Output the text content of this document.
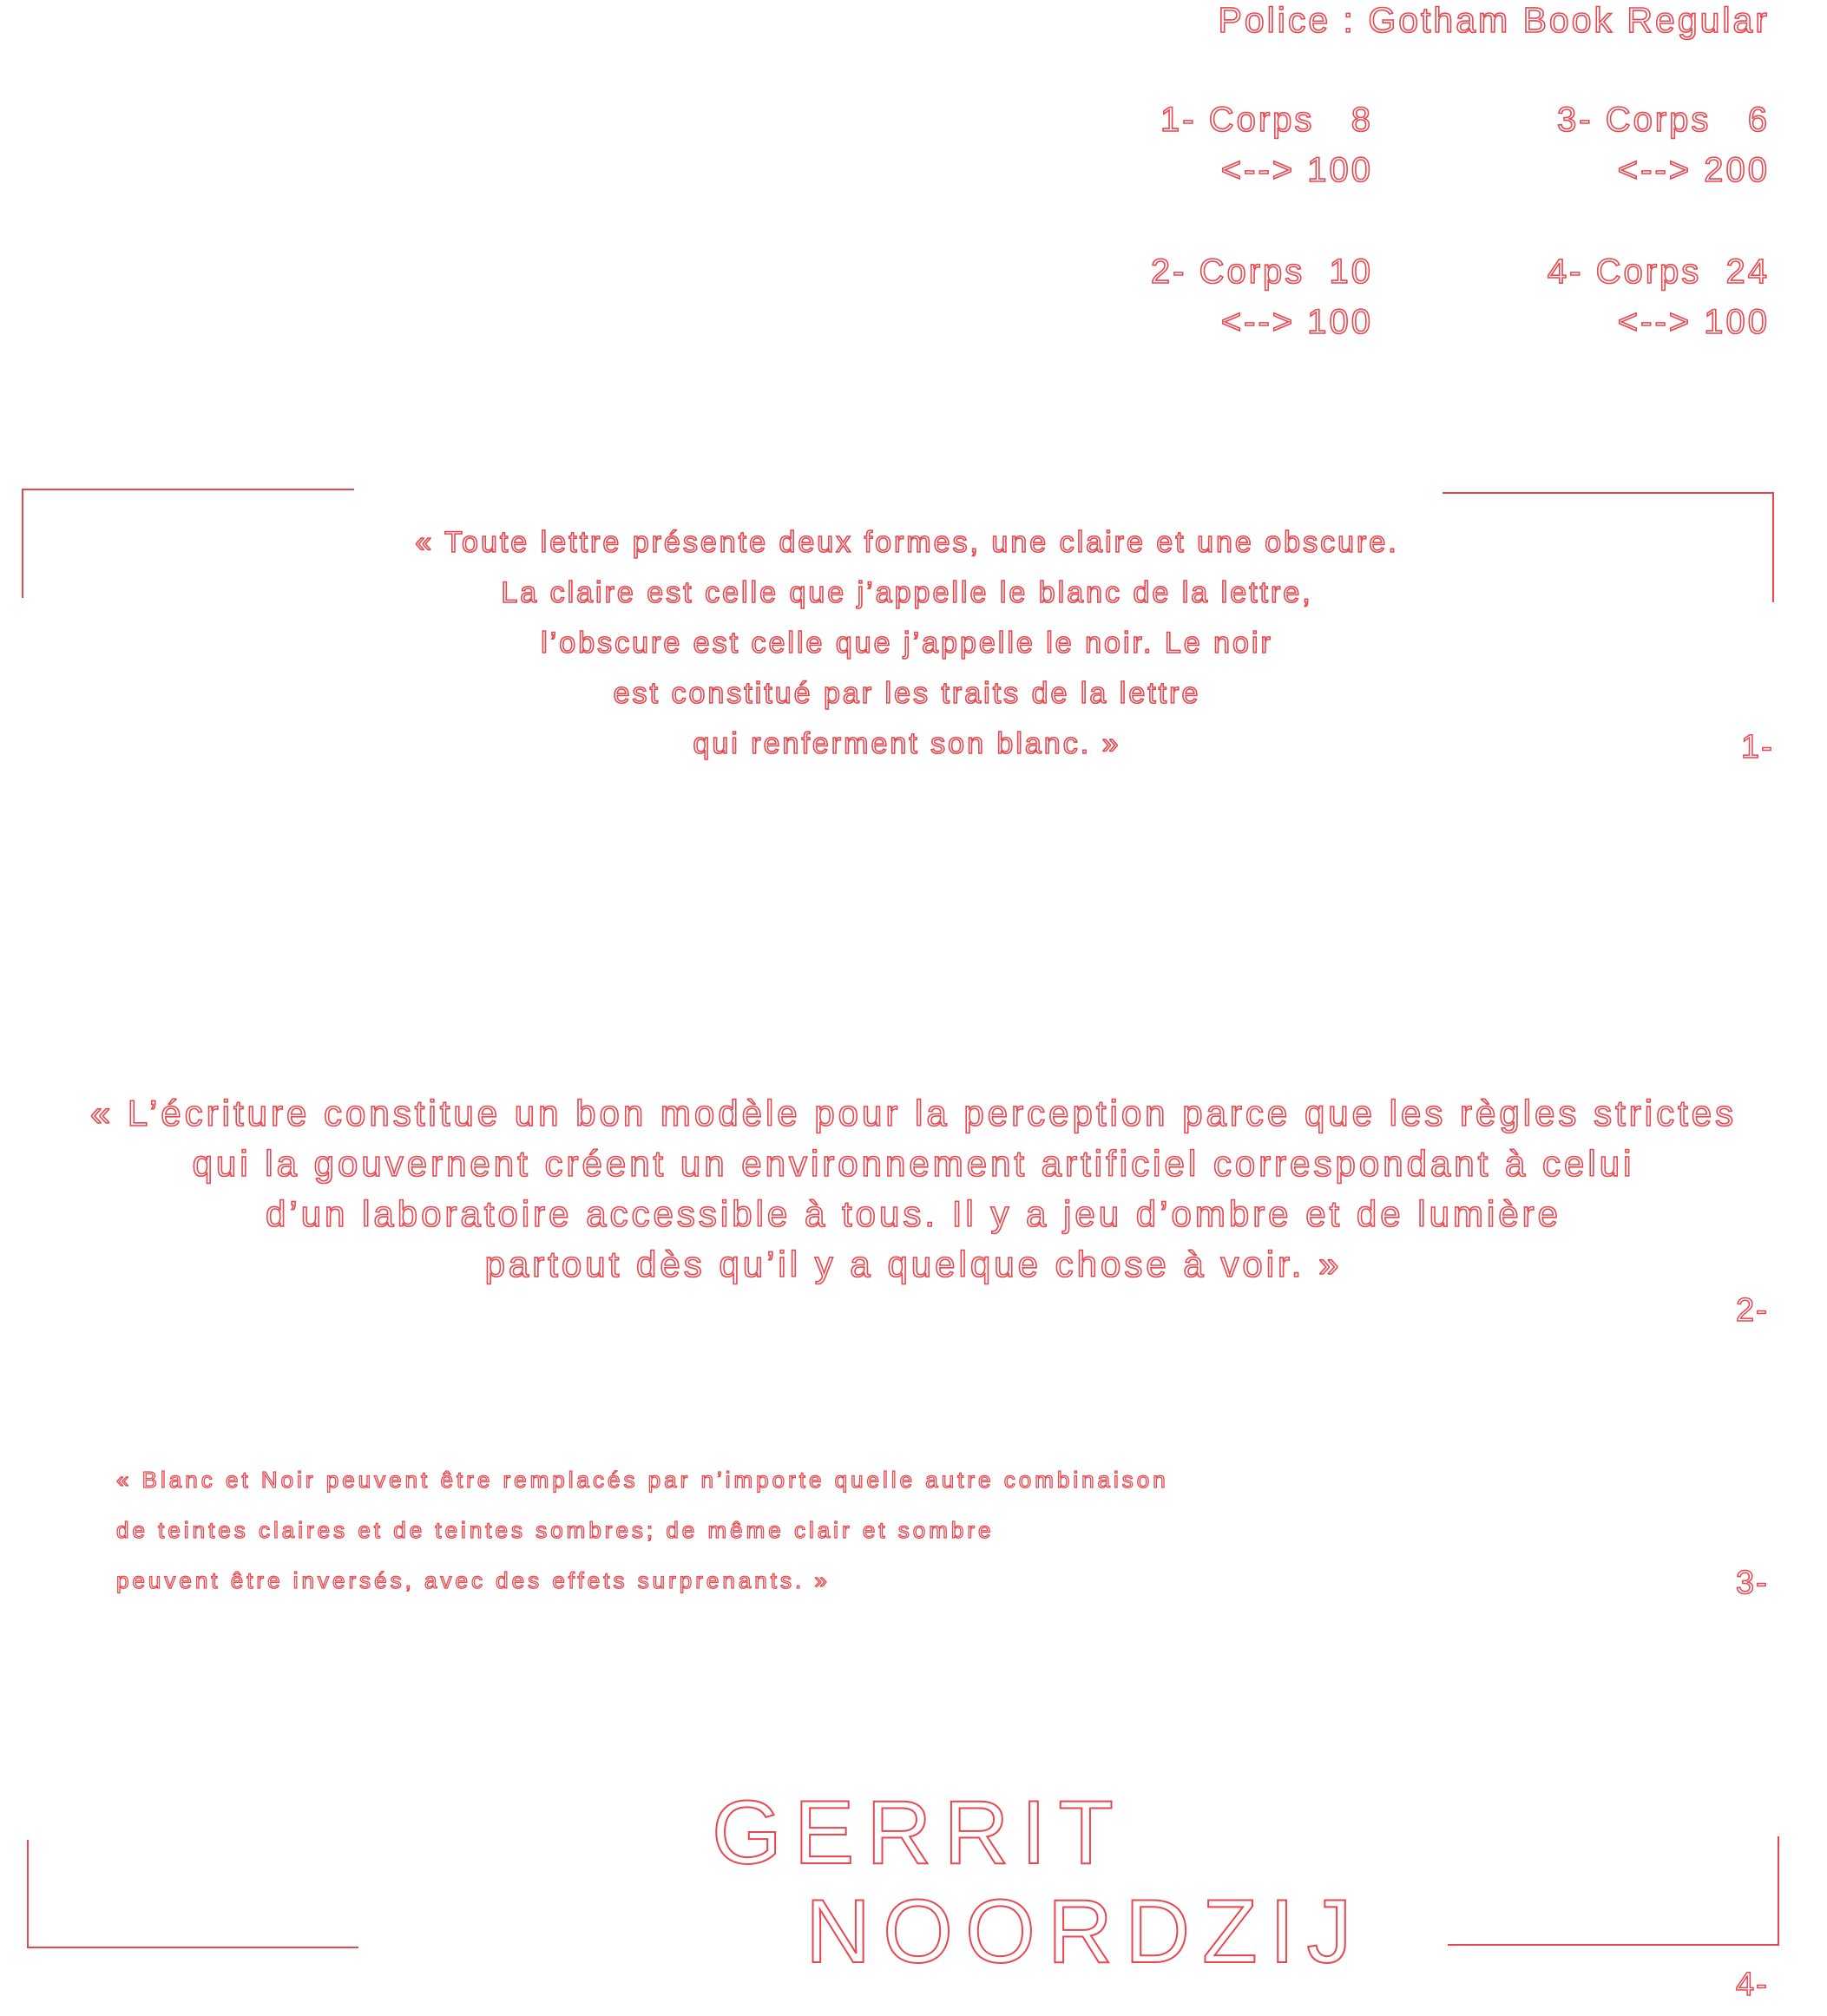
Police : Gotham Book Regular
1- Corps   8
<--> 100
2- Corps  10
<--> 100
3- Corps   6
<--> 200
4- Corps  24
<--> 100
« Toute lettre présente deux formes, une claire et une obscure.
La claire est celle que j’appelle le blanc de la lettre,
l’obscure est celle que j’appelle le noir. Le noir
est constitué par les traits de la lettre
qui renferment son blanc. »	1-
« L’écriture constitue un bon modèle pour la perception parce que les règles strictes
qui la gouvernent créent un environnement artificiel correspondant à celui
d’un laboratoire accessible à tous. Il y a jeu d’ombre et de lumière
partout dès qu’il y a quelque chose à voir. »
2-
« Blanc et Noir peuvent être remplacés par n’importe quelle autre combinaison
de teintes claires et de teintes sombres; de même clair et sombre
peuvent être inversés, avec des effets surprenants. »	3-
GERRIT
NOORDZIJ
4-
